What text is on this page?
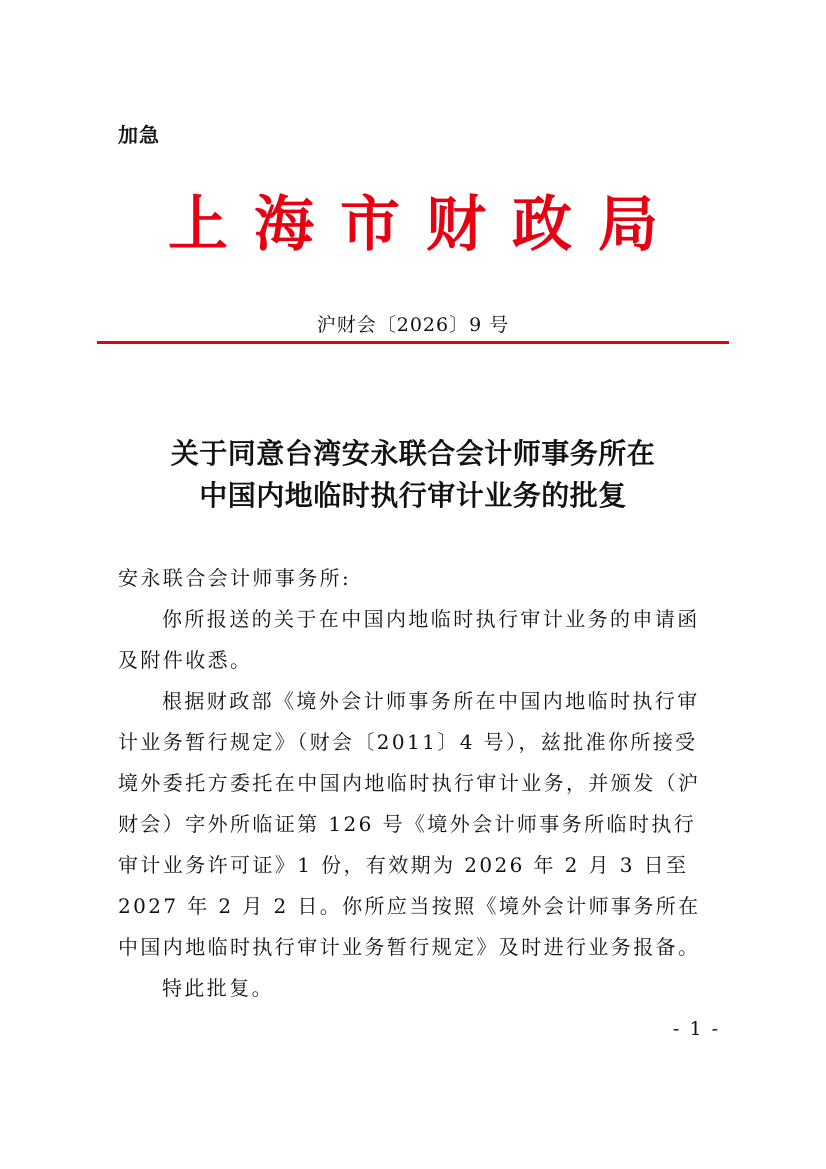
加急
上海市财政局
沪财会〔2026〕9 号
关于同意台湾安永联合会计师事务所在
中国内地临时执行审计业务的批复

安永联合会计师事务所:

你所报送的关于在中国内地临时执行审计业务的申请函及附件收悉。

根据财政部《境外会计师事务所在中国内地临时执行审计业务暂行规定》（财会〔2011〕4 号），兹批准你所接受境外委托方委托在中国内地临时执行审计业务，并颁发（沪财会）字外所临证第 126 号《境外会计师事务所临时执行审计业务许可证》1 份，有效期为 2026 年 2 月 3 日至 2027 年 2 月 2 日。你所应当按照《境外会计师事务所在中国内地临时执行审计业务暂行规定》及时进行业务报备。

特此批复。

- 1 -
